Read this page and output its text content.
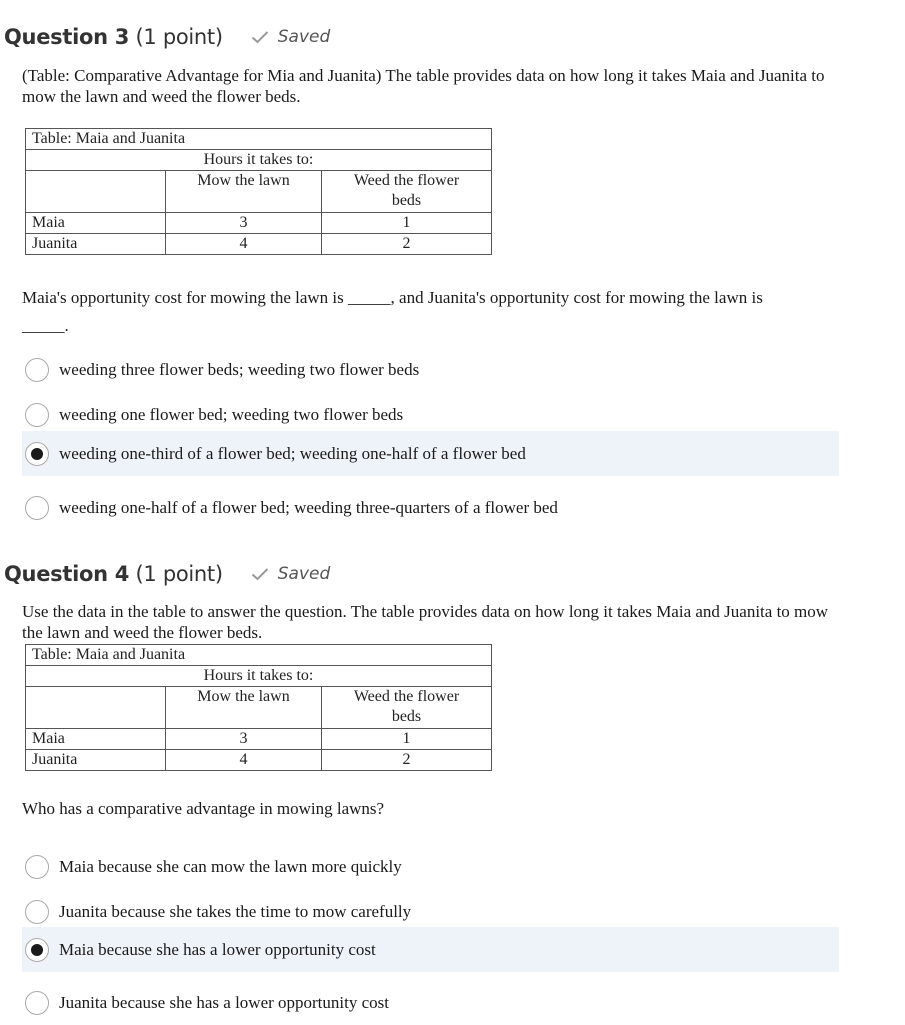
Question 3 (1 point)	Saved
(Table: Comparative Advantage for Mia and Juanita) The table provides data on how long it takes Maia and Juanita to mow the lawn and weed the flower beds.
Table: Maia and Juanita		
Hours it takes to:		
	Mow the lawn	Weed the flower
beds

Maia	3	1
Juanita	4	2
Maia's opportunity cost for mowing the lawn is _____, and Juanita's opportunity cost for mowing the lawn is
_____.
weeding three flower beds; weeding two flower beds
weeding one flower bed; weeding two flower beds
weeding one-third of a flower bed; weeding one-half of a flower bed
weeding one-half of a flower bed; weeding three-quarters of a flower bed
Question 4 (1 point)	Saved
Use the data in the table to answer the question. The table provides data on how long it takes Maia and Juanita to mow the lawn and weed the flower beds.
Table: Maia and Juanita		
Hours it takes to:		
	Mow the lawn	Weed the flower
beds

Maia	3	1
Juanita	4	2
Who has a comparative advantage in mowing lawns?
Maia because she can mow the lawn more quickly
Juanita because she takes the time to mow carefully
Maia because she has a lower opportunity cost
Juanita because she has a lower opportunity cost
